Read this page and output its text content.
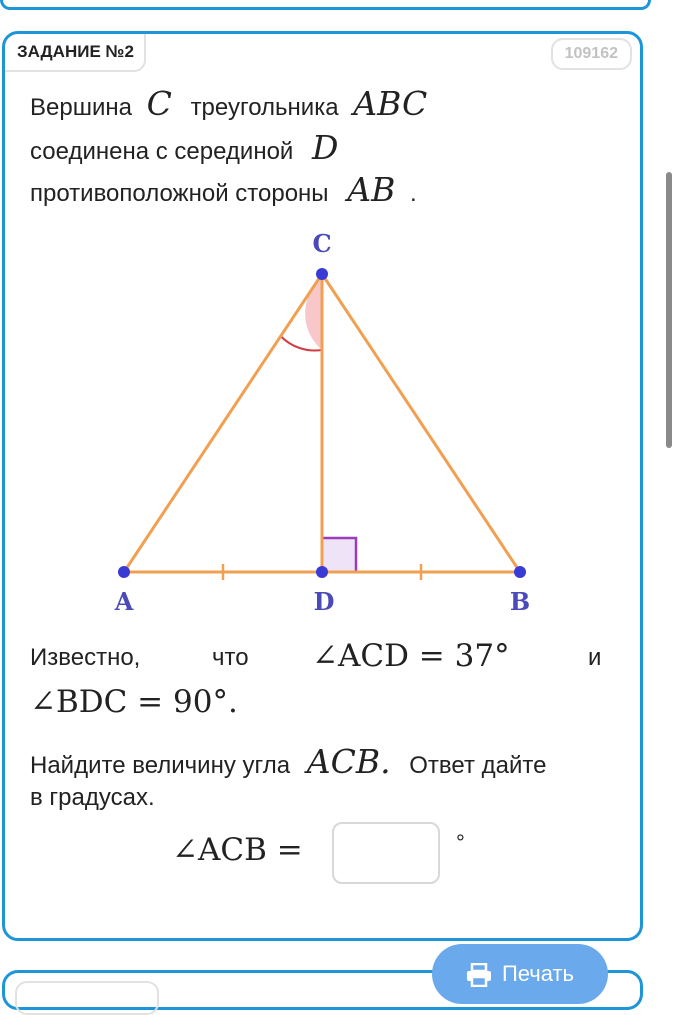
ЗАДАНИЕ №2	109162
Вершина C треугольника ABC
соединена с серединой D
противоположной стороны AB .
C
A	D	B
Известно,	что ∠ACD = 37°	и
∠BDC = 90°.
Найдите величину угла ACB. Ответ дайте
в градусах.
∠ACB =	°
Печать
